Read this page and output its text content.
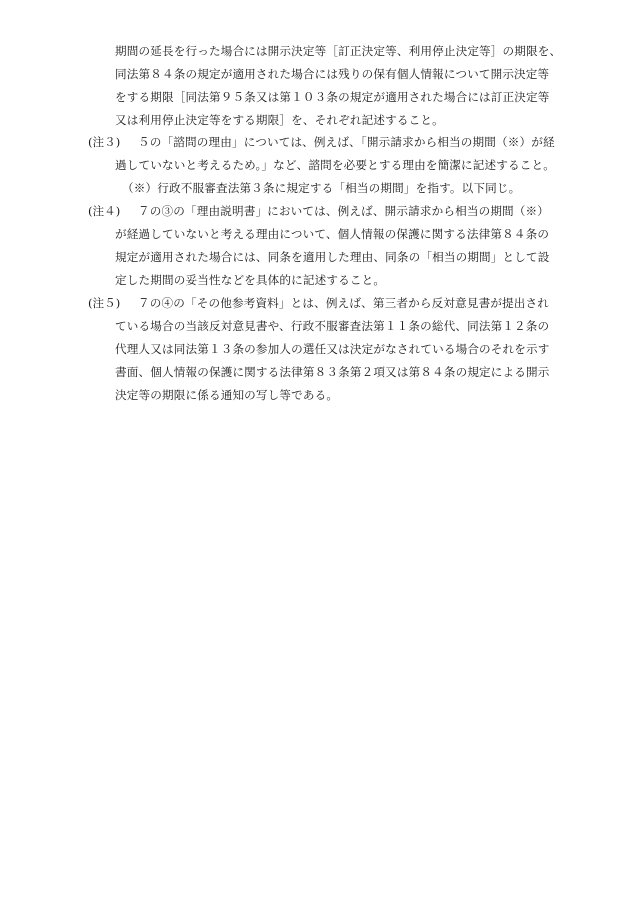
期間の延長を行った場合には開示決定等［訂正決定等、利用停止決定等］の期限を、
同法第８４条の規定が適用された場合には残りの保有個人情報について開示決定等
をする期限［同法第９５条又は第１０３条の規定が適用された場合には訂正決定等
又は利用停止決定等をする期限］を、それぞれ記述すること。
(注３) ５の「諮問の理由」については、例えば、「開示請求から相当の期間（※）が経
過していないと考えるため。」など、諮問を必要とする理由を簡潔に記述すること。
（※）行政不服審査法第３条に規定する「相当の期間」を指す。以下同じ。
(注４) ７の③の「理由説明書」においては、例えば、開示請求から相当の期間（※）
が経過していないと考える理由について、個人情報の保護に関する法律第８４条の
規定が適用された場合には、同条を適用した理由、同条の「相当の期間」として設
定した期間の妥当性などを具体的に記述すること。
(注５) ７の④の「その他参考資料」とは、例えば、第三者から反対意見書が提出され
ている場合の当該反対意見書や、行政不服審査法第１１条の総代、同法第１２条の
代理人又は同法第１３条の参加人の選任又は決定がなされている場合のそれを示す
書面、個人情報の保護に関する法律第８３条第２項又は第８４条の規定による開示
決定等の期限に係る通知の写し等である。
